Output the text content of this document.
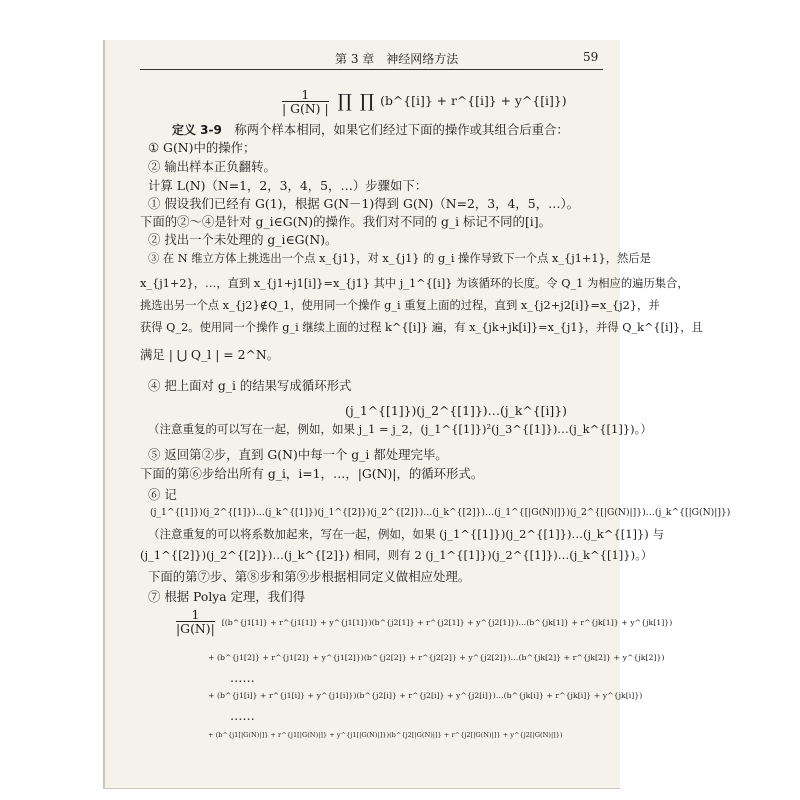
第 3 章　神经网络方法	59
$\frac{1}{| G(N) |}$ ∏ ∏ (b^{[i]} + r^{[i]} + y^{[i]})
定义 3-9　 称两个样本相同，如果它们经过下面的操作或其组合后重合：
① G(N)中的操作；
② 输出样本正负翻转。
计算 L(N)（N=1，2，3，4，5，…）步骤如下：
① 假设我们已经有 G(1)，根据 G(N－1)得到 G(N)（N=2，3，4，5，…）。
下面的②～④是针对 g_i∈G(N)的操作。我们对不同的 g_i 标记不同的[i]。
② 找出一个未处理的 g_i∈G(N)。
③ 在 N 维立方体上挑选出一个点 x_{j1}，对 x_{j1} 的 g_i 操作导致下一个点 x_{j1+1}，然后是
x_{j1+2}，…，直到 x_{j1+j1[i]}=x_{j1} 其中 j_1^{[i]} 为该循环的长度。令 Q_1 为相应的遍历集合，
挑选出另一个点 x_{j2}∉Q_1，使用同一个操作 g_i 重复上面的过程，直到 x_{j2+j2[i]}=x_{j2}，并
获得 Q_2。使用同一个操作 g_i 继续上面的过程 k^{[i]} 遍，有 x_{jk+jk[i]}=x_{j1}，并得 Q_k^{[i]}，且
满足 | ⋃ Q_l | = 2^N。
④ 把上面对 g_i 的结果写成循环形式
(j_1^{[1]})(j_2^{[1]})…(j_k^{[i]})
（注意重复的可以写在一起，例如，如果 j_1 = j_2，(j_1^{[1]})²(j_3^{[1]})…(j_k^{[1]})。）
⑤ 返回第②步，直到 G(N)中每一个 g_i 都处理完毕。
下面的第⑥步给出所有 g_i，i=1，…，|G(N)|，的循环形式。
⑥ 记
(j_1^{[1]})(j_2^{[1]})…(j_k^{[1]})(j_1^{[2]})(j_2^{[2]})…(j_k^{[2]})…(j_1^{[|G(N)|]})(j_2^{[|G(N)|]})…(j_k^{[|G(N)|]})
（注意重复的可以将系数加起来，写在一起，例如，如果 (j_1^{[1]})(j_2^{[1]})…(j_k^{[1]}) 与
(j_1^{[2]})(j_2^{[2]})…(j_k^{[2]}) 相同，则有 2 (j_1^{[1]})(j_2^{[1]})…(j_k^{[1]})。）
下面的第⑦步、第⑧步和第⑨步根据相同定义做相应处理。
⑦ 根据 Polya 定理，我们得
$\frac{1}{|G(N)|}$ [(b^{j1[1]} + r^{j1[1]} + y^{j1[1]})(b^{j2[1]} + r^{j2[1]} + y^{j2[1]})…(b^{jk[1]} + r^{jk[1]} + y^{jk[1]})
+ (b^{j1[2]} + r^{j1[2]} + y^{j1[2]})(b^{j2[2]} + r^{j2[2]} + y^{j2[2]})…(b^{jk[2]} + r^{jk[2]} + y^{jk[2]})
……
+ (b^{j1[i]} + r^{j1[i]} + y^{j1[i]})(b^{j2[i]} + r^{j2[i]} + y^{j2[i]})…(b^{jk[i]} + r^{jk[i]} + y^{jk[i]})
……
+ (b^{j1[|G(N)|]} + r^{j1[|G(N)|]} + y^{j1[|G(N)|]})(b^{j2[|G(N)|]} + r^{j2[|G(N)|]} + y^{j2[|G(N)|]})
